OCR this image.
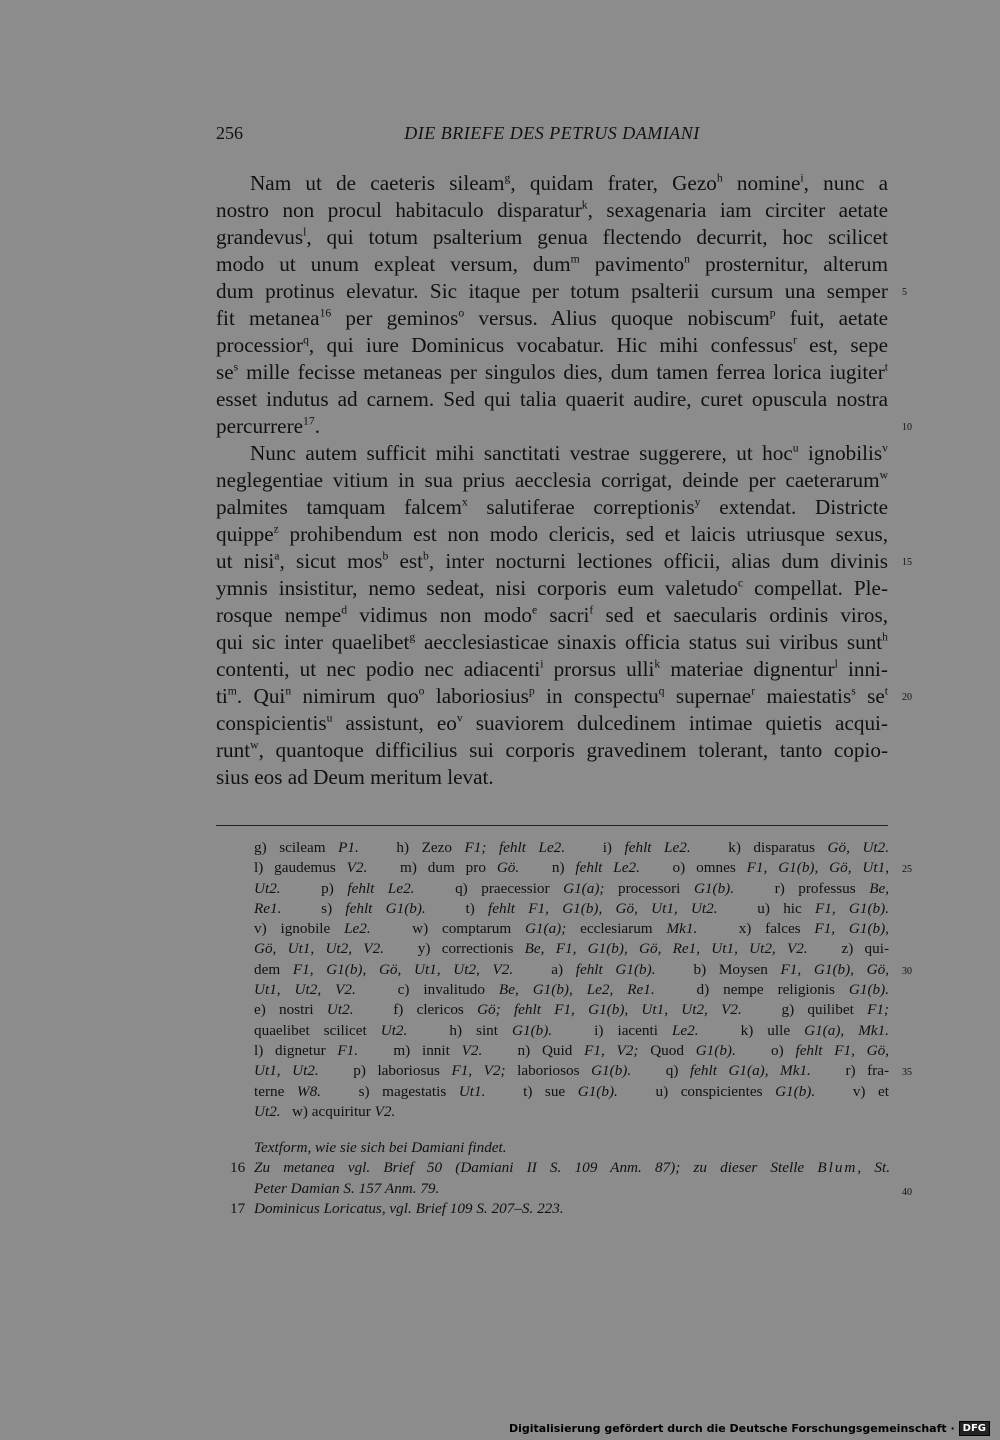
256	DIE BRIEFE DES PETRUS DAMIANI
Nam ut de caeteris sileam$^g$, quidam frater, Gezo$^h$ nomine$^i$, nunc a
nostro non procul habitaculo disparatur$^k$, sexagenaria iam circiter aetate
grandevus$^l$, qui totum psalterium genua flectendo decurrit, hoc scilicet
modo ut unum expleat versum, dum$^m$ pavimento$^n$ prosternitur, alterum
dum protinus elevatur. Sic itaque per totum psalterii cursum una semper
fit metanea$^{16}$ per geminos$^o$ versus. Alius quoque nobiscum$^p$ fuit, aetate
processior$^q$, qui iure Dominicus vocabatur. Hic mihi confessus$^r$ est, sepe
$se^s$ mille fecisse metaneas per singulos dies, dum tamen ferrea lorica iugiter$^t$
esset indutus ad carnem. Sed qui talia quaerit audire, curet opuscula nostra
percurrere$^{17}$.
Nunc autem sufficit mihi sanctitati vestrae suggerere, ut hoc$^u$ ignobilis$^v$
neglegentiae vitium in sua prius aecclesia corrigat, deinde per caeterarum$^w$
palmites tamquam falcem$^x$ salutiferae correptionis$^y$ extendat. Districte
quippe$^z$ prohibendum est non modo clericis, sed et laicis utriusque sexus,
ut nisi$^a$, sicut mos$^b$ est$^b$, inter nocturni lectiones officii, alias dum divinis
ymnis insistitur, nemo sedeat, nisi corporis eum valetudo$^c$ compellat. Ple-
rosque nempe$^d$ vidimus non modo$^e$ sacri$^f$ sed et saecularis ordinis viros,
qui sic inter quaelibet$^g$ aecclesiasticae sinaxis officia status sui viribus sunt$^h$
contenti, ut nec podio nec adiacenti$^i$ prorsus ulli$^k$ materiae dignentur$^l$ inni-
$ti^m$. Qui$^n$ nimirum quo$^o$ laboriosius$^p$ in conspectu$^q$ supernae$^r$ maiestatis$^s$ $se^t$
conspicientis$^u$ assistunt, $eo^v$ suaviorem dulcedinem intimae quietis acqui-
runt$^w$, quantoque difficilius sui corporis gravedinem tolerant, tanto copio-
sius eos ad Deum meritum levat.
g) scileam P1.   h) Zezo F1; fehlt Le2.   i) fehlt Le2.   k) disparatus Gö, Ut2.
l) gaudemus V2.   m) dum pro Gö.   n) fehlt Le2.   o) omnes F1, G1(b), Gö, Ut1,
Ut2.   p) fehlt Le2.   q) praecessior G1(a); processori G1(b).   r) professus Be,
Re1.   s) fehlt G1(b).   t) fehlt F1, G1(b), Gö, Ut1, Ut2.   u) hic F1, G1(b).
v) ignobile Le2.   w) comptarum G1(a); ecclesiarum Mk1.   x) falces F1, G1(b),
Gö, Ut1, Ut2, V2.   y) correctionis Be, F1, G1(b), Gö, Re1, Ut1, Ut2, V2.   z) qui-
dem F1, G1(b), Gö, Ut1, Ut2, V2.   a) fehlt G1(b).   b) Moysen F1, G1(b), Gö,
Ut1, Ut2, V2.   c) invalitudo Be, G1(b), Le2, Re1.   d) nempe religionis G1(b).
e) nostri Ut2.   f) clericos Gö; fehlt F1, G1(b), Ut1, Ut2, V2.   g) quilibet F1;
quaelibet scilicet Ut2.   h) sint G1(b).   i) iacenti Le2.   k) ulle G1(a), Mk1.
l) dignetur F1.   m) innit V2.   n) Quid F1, V2; Quod G1(b).   o) fehlt F1, Gö,
Ut1, Ut2.   p) laboriosus F1, V2; laboriosos G1(b).   q) fehlt G1(a), Mk1.   r) fra-
terne W8.   s) magestatis Ut1.   t) sue G1(b).   u) conspicientes G1(b).   v) et
Ut2.   w) acquiritur V2.
Textform, wie sie sich bei Damiani findet.
16 Zu metanea vgl. Brief 50 (Damiani II S. 109 Anm. 87); zu dieser Stelle Blum, St.
Peter Damian S. 157 Anm. 79.
17 Dominicus Loricatus, vgl. Brief 109 S. 207–S. 223.
40
Digitalisierung gefördert durch die Deutsche Forschungsgemeinschaft · DFG
5
10
15
20
25
30
35
